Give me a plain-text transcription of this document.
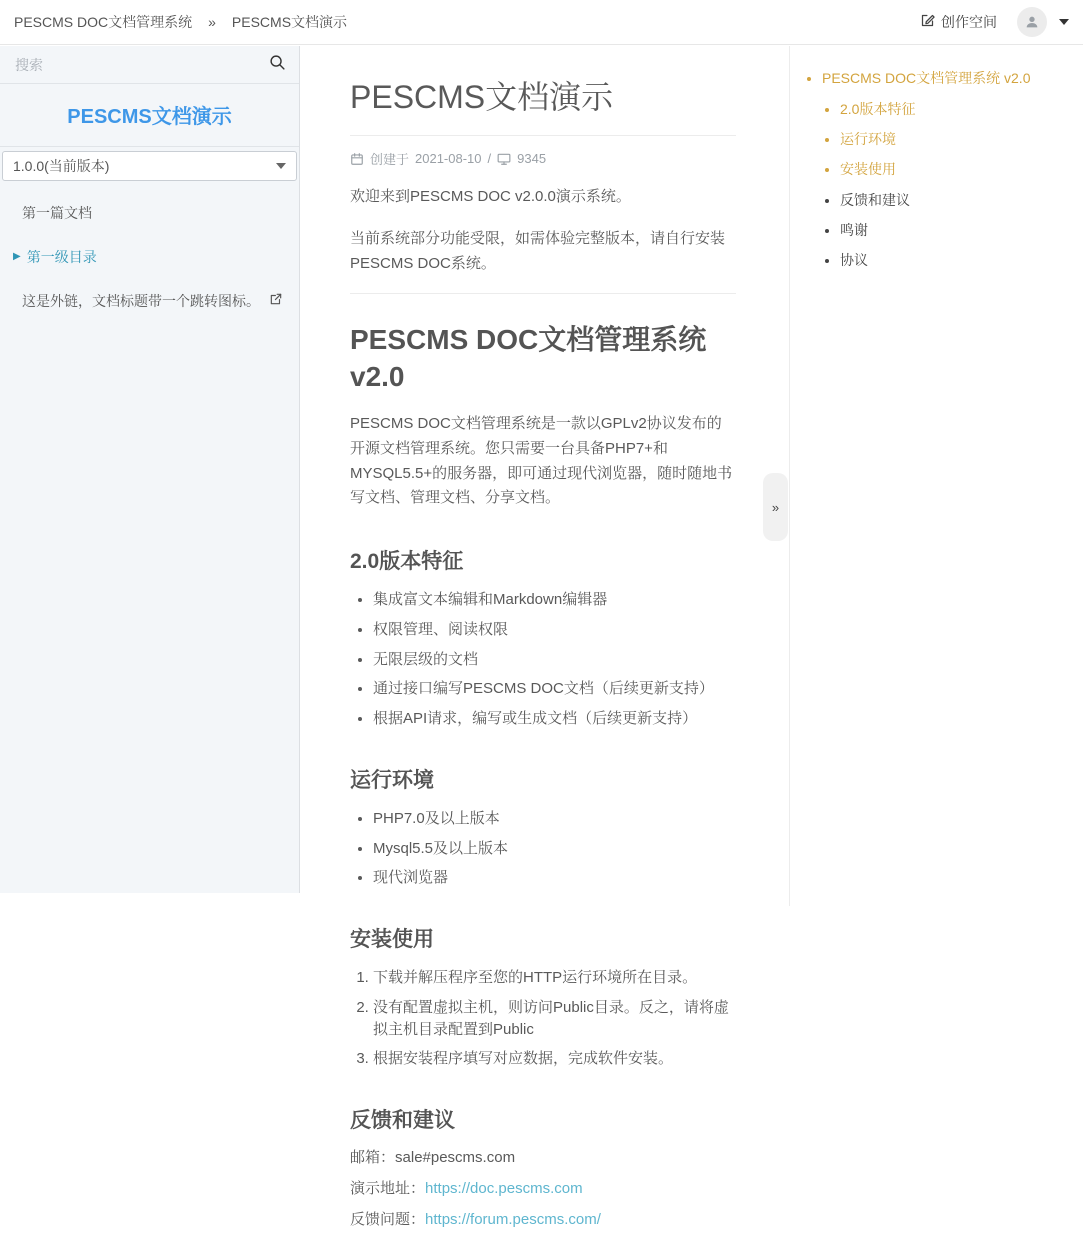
PESCMS DOC文档管理系统 » PESCMS文档演示	创作空间
搜索
PESCMS文档演示
1.0.0(当前版本)
第一篇文档
▶ 第一级目录
这是外链，文档标题带一个跳转图标。
PESCMS文档演示
创建于 2021-08-10 / 9345

欢迎来到PESCMS DOC v2.0.0演示系统。

当前系统部分功能受限，如需体验完整版本，请自行安装PESCMS DOC系统。

PESCMS DOC文档管理系统 v2.0

PESCMS DOC文档管理系统是一款以GPLv2协议发布的开源文档管理系统。您只需要一台具备PHP7+和MYSQL5.5+的服务器，即可通过现代浏览器，随时随地书写文档、管理文档、分享文档。

2.0版本特征
• 集成富文本编辑和Markdown编辑器
• 权限管理、阅读权限
• 无限层级的文档
• 通过接口编写PESCMS DOC文档（后续更新支持）
• 根据API请求，编写或生成文档（后续更新支持）
运行环境
• PHP7.0及以上版本
• Mysql5.5及以上版本
• 现代浏览器
安装使用
1. 下载并解压程序至您的HTTP运行环境所在目录。
2. 没有配置虚拟主机，则访问Public目录。反之，请将虚拟主机目录配置到Public
3. 根据安装程序填写对应数据，完成软件安装。
反馈和建议

邮箱：sale#pescms.com

演示地址：https://doc.pescms.com

反馈问题：https://forum.pescms.com/

»
• PESCMS DOC文档管理系统 v2.0
• 2.0版本特征
• 运行环境
• 安装使用
• 反馈和建议
• 鸣谢
• 协议
